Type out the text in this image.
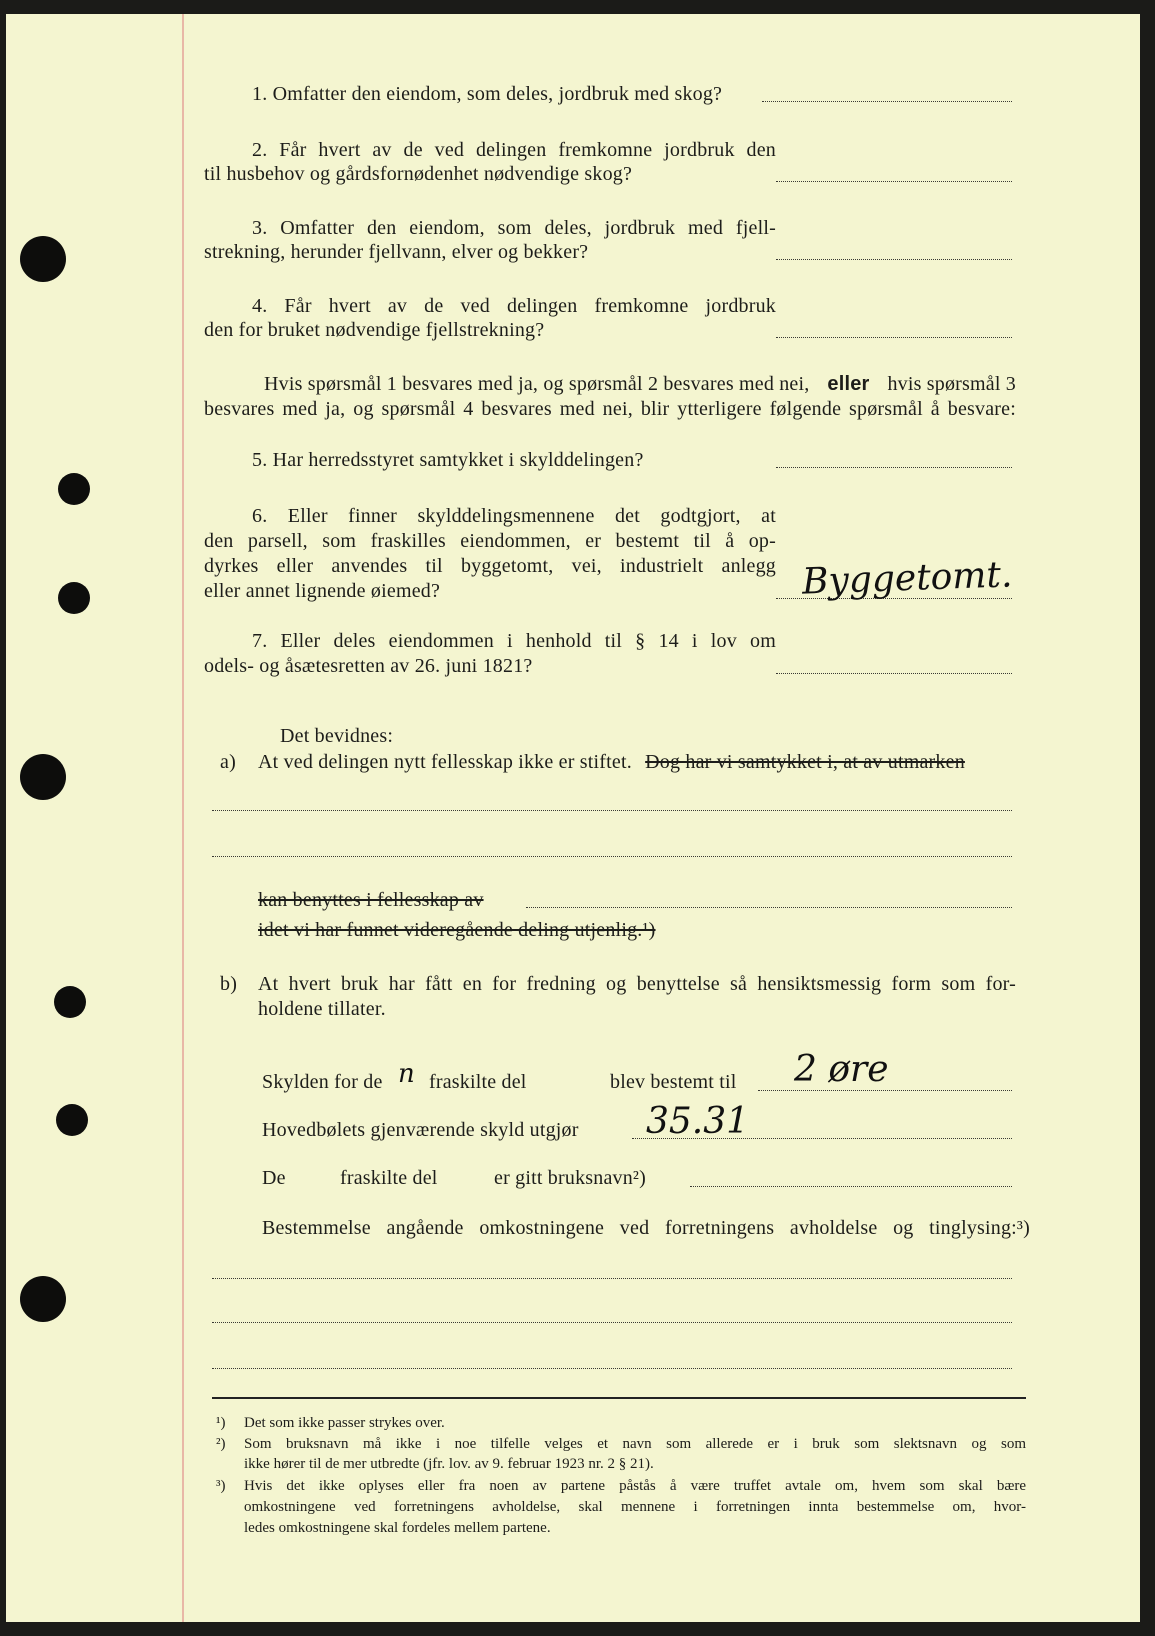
1. Omfatter den eiendom, som deles, jordbruk med skog?
2. Får hvert av de ved delingen fremkomne jordbruk den
til husbehov og gårdsfornødenhet nødvendige skog?
3. Omfatter den eiendom, som deles, jordbruk med fjell-
strekning, herunder fjellvann, elver og bekker?
4. Får hvert av de ved delingen fremkomne jordbruk
den for bruket nødvendige fjellstrekning?
Hvis spørsmål 1 besvares med ja, og spørsmål 2 besvares med nei, eller hvis spørsmål 3
besvares med ja, og spørsmål 4 besvares med nei, blir ytterligere følgende spørsmål å besvare:
5. Har herredsstyret samtykket i skylddelingen?
6. Eller finner skylddelingsmennene det godtgjort, at
den parsell, som fraskilles eiendommen, er bestemt til å op-
dyrkes eller anvendes til byggetomt, vei, industrielt anlegg
eller annet lignende øiemed?	Byggetomt.
7. Eller deles eiendommen i henhold til § 14 i lov om
odels- og åsætesretten av 26. juni 1821?
Det bevidnes:
a) At ved delingen nytt fellesskap ikke er stiftet. Dog har vi samtykket i, at av utmarken
kan benyttes i fellesskap av
idet vi har funnet videregående deling utjenlig.¹)
b) At hvert bruk har fått en for fredning og benyttelse så hensiktsmessig form som for-
holdene tillater.
Skylden for de n fraskilte del	blev bestemt til 2 øre
Hovedbølets gjenværende skyld utgjør 35.31
De	fraskilte del	er gitt bruksnavn²)
Bestemmelse angående omkostningene ved forretningens avholdelse og tinglysing:³)
¹) Det som ikke passer strykes over.
²) Som bruksnavn må ikke i noe tilfelle velges et navn som allerede er i bruk som slektsnavn og som
ikke hører til de mer utbredte (jfr. lov. av 9. februar 1923 nr. 2 § 21).
³) Hvis det ikke oplyses eller fra noen av partene påstås å være truffet avtale om, hvem som skal bære
omkostningene ved forretningens avholdelse, skal mennene i forretningen innta bestemmelse om, hvor-
ledes omkostningene skal fordeles mellem partene.
